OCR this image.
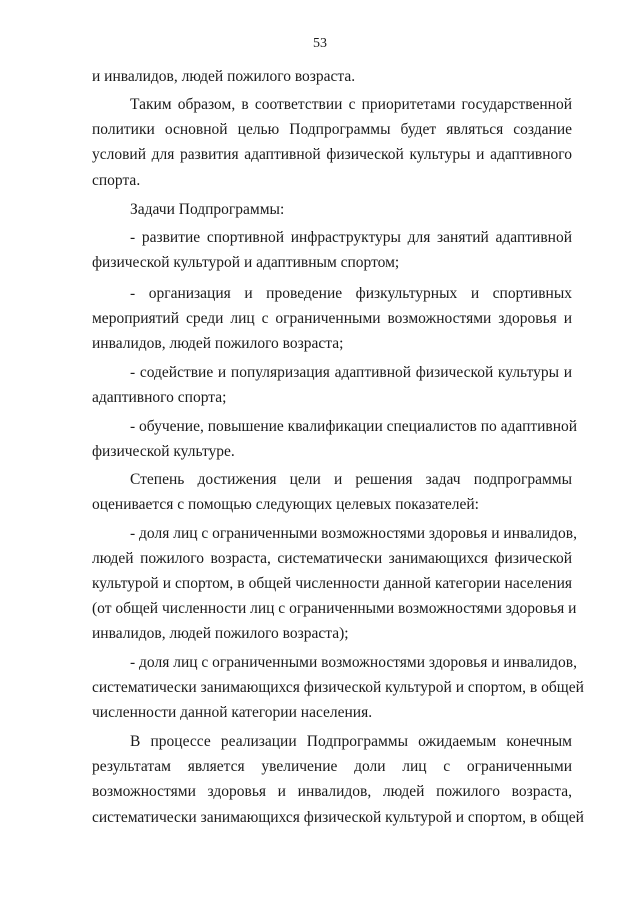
53
и инвалидов, людей пожилого возраста.
Таким образом, в соответствии с приоритетами государственной
политики основной целью Подпрограммы будет являться создание
условий для развития адаптивной физической культуры и адаптивного
спорта.
Задачи Подпрограммы:
- развитие спортивной инфраструктуры для занятий адаптивной
физической культурой и адаптивным спортом;
- организация и проведение физкультурных и спортивных
мероприятий среди лиц с ограниченными возможностями здоровья и
инвалидов, людей пожилого возраста;
- содействие и популяризация адаптивной физической культуры и
адаптивного спорта;
- обучение, повышение квалификации специалистов по адаптивной
физической культуре.
Степень достижения цели и решения задач подпрограммы
оценивается с помощью следующих целевых показателей:
- доля лиц с ограниченными возможностями здоровья и инвалидов,
людей пожилого возраста, систематически занимающихся физической
культурой и спортом, в общей численности данной категории населения
(от общей численности лиц с ограниченными возможностями здоровья и
инвалидов, людей пожилого возраста);
- доля лиц с ограниченными возможностями здоровья и инвалидов,
систематически занимающихся физической культурой и спортом, в общей
численности данной категории населения.
В процессе реализации Подпрограммы ожидаемым конечным
результатам является увеличение доли лиц с ограниченными
возможностями здоровья и инвалидов, людей пожилого возраста,
систематически занимающихся физической культурой и спортом, в общей
